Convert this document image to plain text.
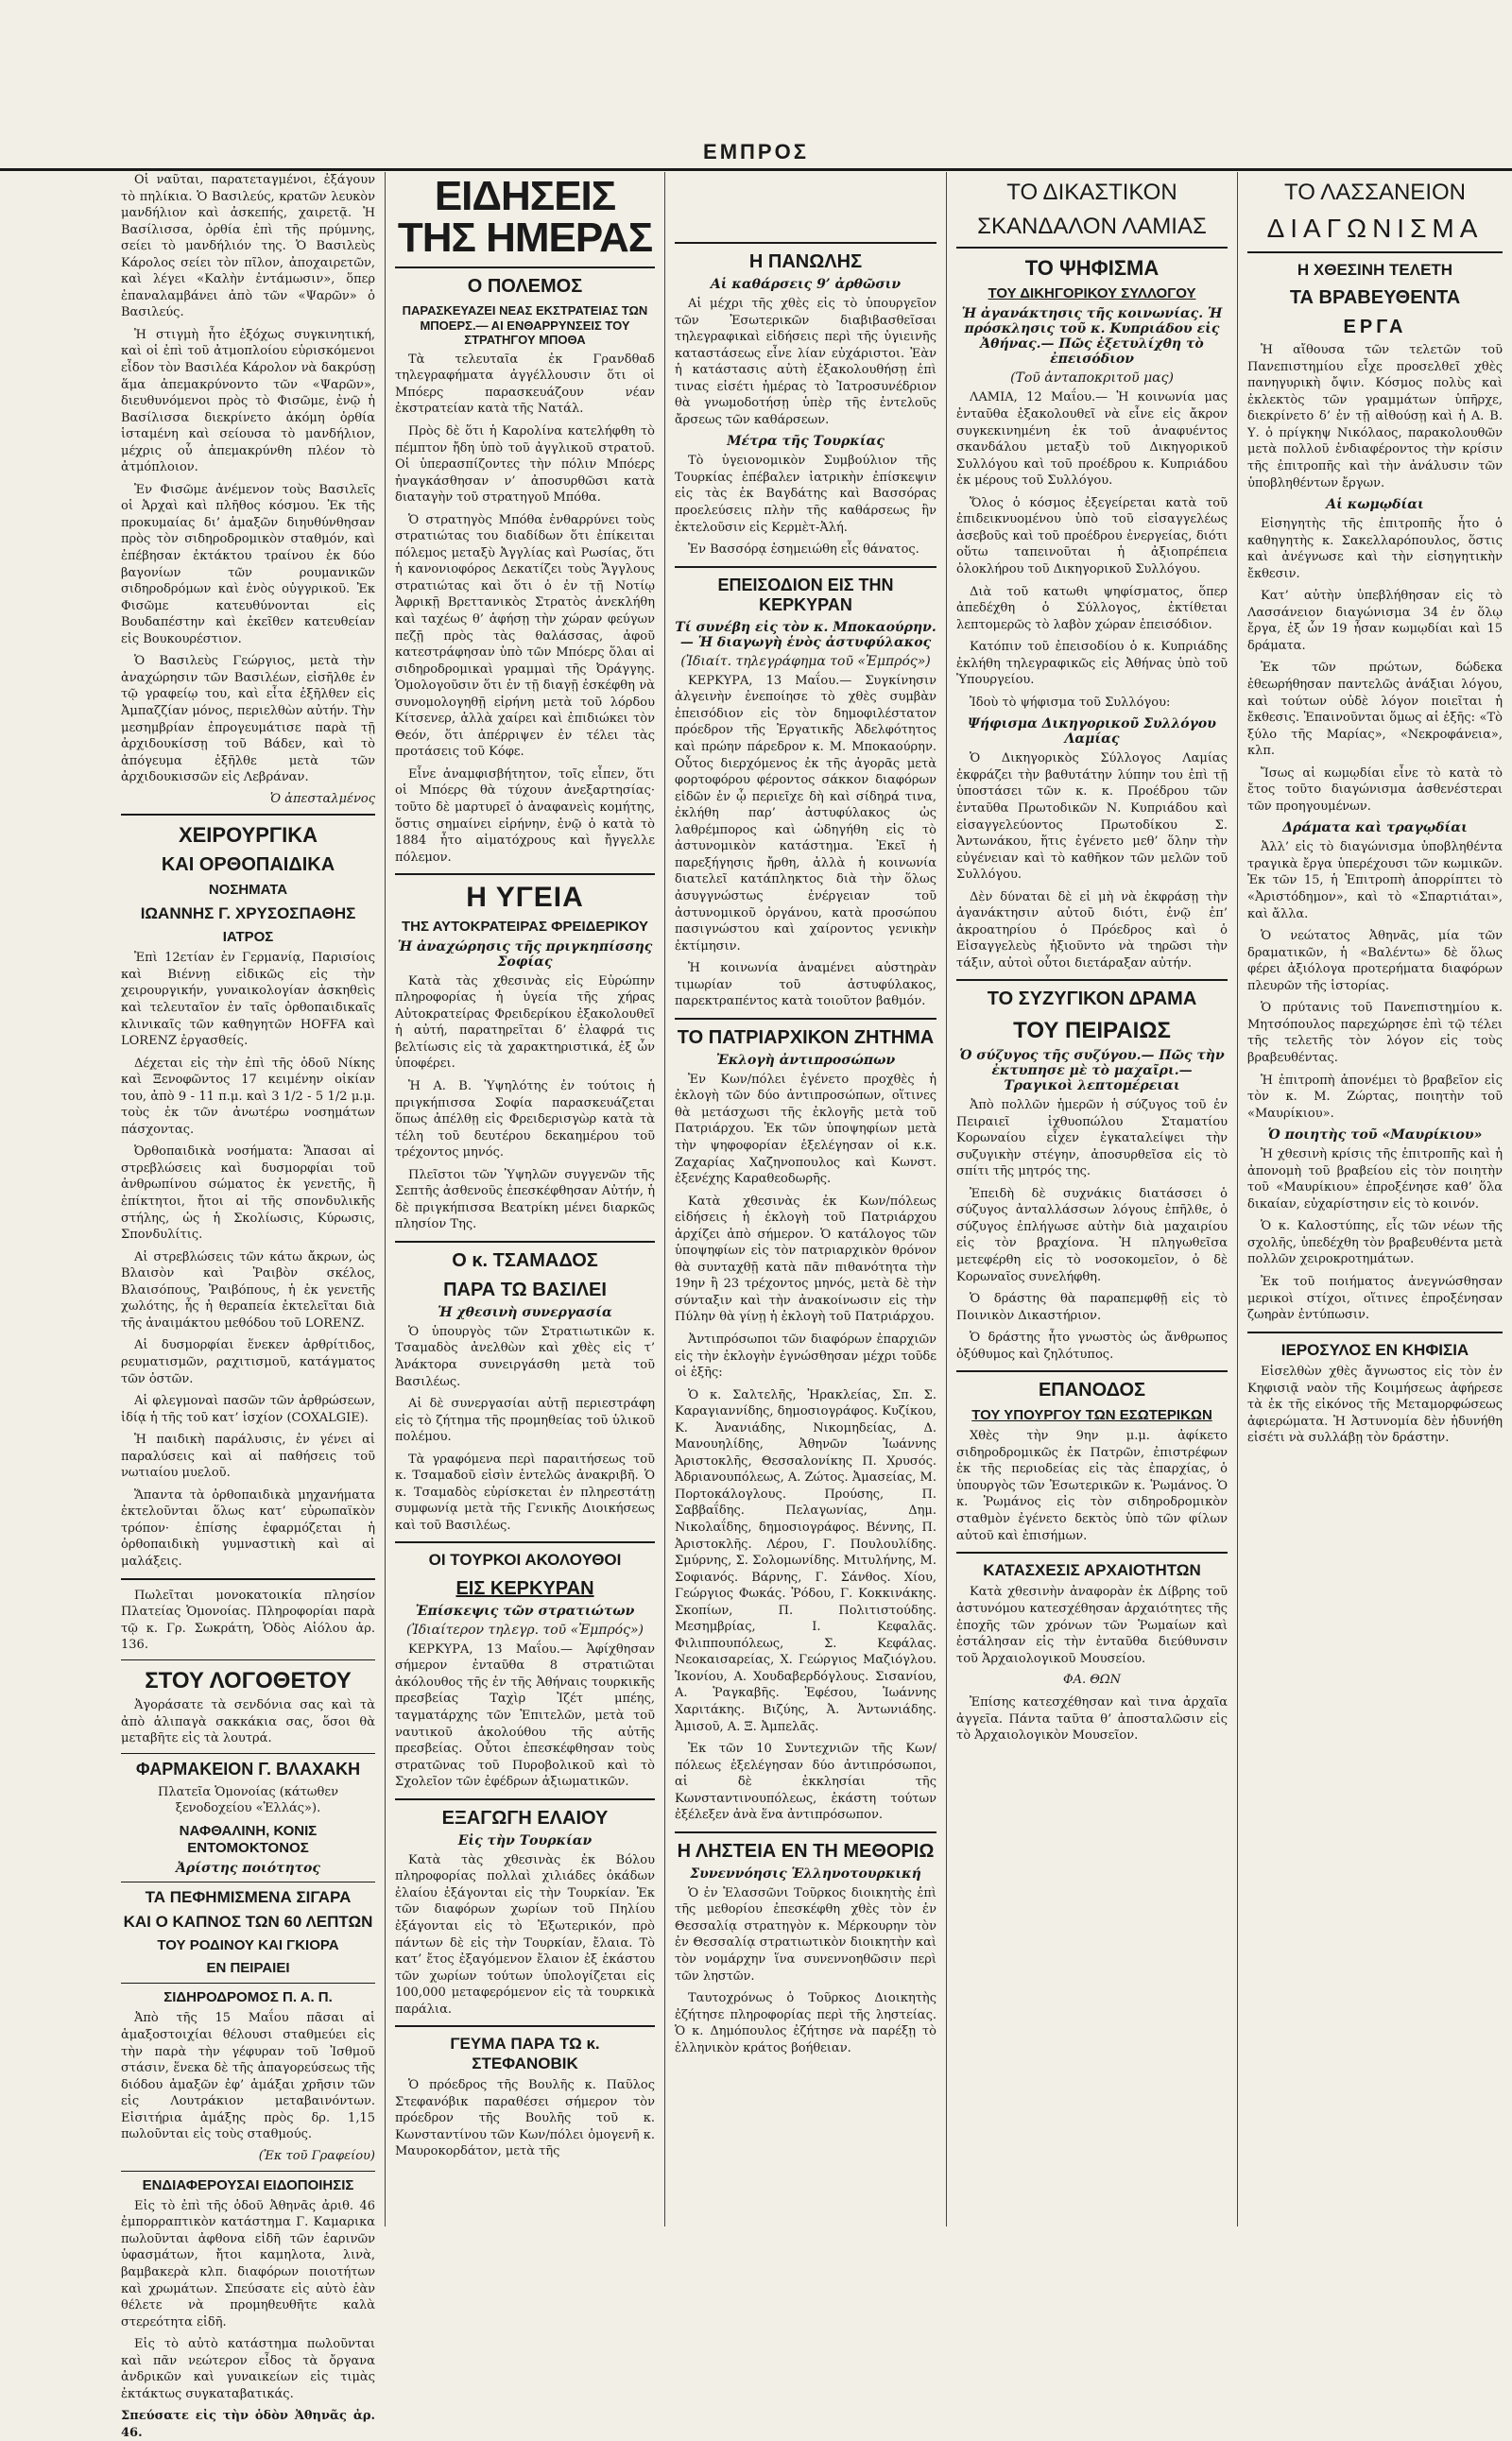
ΕΜΠΡΟΣ

Οἱ ναῦται, παρατεταγμένοι, ἐξάγουν τὸ πηλίκια. Ὁ Βασιλεύς, κρατῶν λευκὸν μανδήλιον καὶ ἀσκεπής, χαιρετᾷ. Ἡ Βασίλισσα, ὀρθία ἐπὶ τῆς πρύμνης, σείει τὸ μανδήλιόν της. Ὁ Βασιλεὺς Κάρολος σείει τὸν πῖλον, ἀποχαιρετῶν, καὶ λέγει «Καλὴν ἐντάμωσιν», ὅπερ ἐπαναλαμβάνει ἀπὸ τῶν «Ψαρῶν» ὁ Βασιλεύς.

Ἡ στιγμὴ ἦτο ἐξόχως συγκινητική, καὶ οἱ ἐπὶ τοῦ ἀτμοπλοίου εὑρισκόμενοι εἶδον τὸν Βασιλέα Κάρολον νὰ δακρύσῃ ἅμα ἀπεμακρύνοντο τῶν «Ψαρῶν», διευθυνόμενοι πρὸς τὸ Φισῶμε, ἐνῷ ἡ Βασίλισσα διεκρίνετο ἀκόμη ὀρθία ἱσταμένη καὶ σείουσα τὸ μανδήλιον, μέχρις οὗ ἀπεμακρύνθη πλέον τὸ ἀτμόπλοιον.

Ἐν Φισῶμε ἀνέμενον τοὺς Βασιλεῖς οἱ Ἀρχαὶ καὶ πλῆθος κόσμου. Ἐκ τῆς προκυμαίας δι’ ἁμαξῶν διηυθύνθησαν πρὸς τὸν σιδηροδρομικὸν σταθμόν, καὶ ἐπέβησαν ἐκτάκτου τραίνου ἐκ δύο βαγονίων τῶν ρουμανικῶν σιδηροδρόμων καὶ ἑνὸς οὐγγρικοῦ. Ἐκ Φισῶμε κατευθύνονται εἰς Βουδαπέστην καὶ ἐκεῖθεν κατευθείαν εἰς Βουκουρέστιον.

Ὁ Βασιλεὺς Γεώργιος, μετὰ τὴν ἀναχώρησιν τῶν Βασιλέων, εἰσῆλθε ἐν τῷ γραφείῳ του, καὶ εἶτα ἐξῆλθεν εἰς Ἀμπαζζίαν μόνος, περιελθὼν αὐτήν. Τὴν μεσημβρίαν ἐπρογευμάτισε παρὰ τῇ ἀρχιδουκίσσῃ τοῦ Βάδεν, καὶ τὸ ἀπόγευμα ἐξῆλθε μετὰ τῶν ἀρχιδουκισσῶν εἰς Λεβράναν.

Ὁ ἀπεσταλμένος
ΧΕΙΡΟΥΡΓΙΚΑ
ΚΑΙ ΟΡΘΟΠΑΙΔΙΚΑ
ΝΟΣΗΜΑΤΑ
ΙΩΑΝΝΗΣ Γ. ΧΡΥΣΟΣΠΑΘΗΣ
ΙΑΤΡΟΣ

Ἐπὶ 12ετίαν ἐν Γερμανίᾳ, Παρισίοις καὶ Βιέννῃ εἰδικῶς εἰς τὴν χειρουργικήν, γυναικολογίαν ἀσκηθεὶς καὶ τελευταῖον ἐν ταῖς ὀρθοπαιδικαῖς κλινικαῖς τῶν καθηγητῶν HOFFA καὶ LORENZ ἐργασθείς.

Δέχεται εἰς τὴν ἐπὶ τῆς ὁδοῦ Νίκης καὶ Ξενοφῶντος 17 κειμένην οἰκίαν του, ἀπὸ 9 - 11 π.μ. καὶ 3 1/2 - 5 1/2 μ.μ. τοὺς ἐκ τῶν ἀνωτέρω νοσημάτων πάσχοντας.

Ὀρθοπαιδικὰ νοσήματα: Ἅπασαι αἱ στρεβλώσεις καὶ δυσμορφίαι τοῦ ἀνθρωπίνου σώματος ἐκ γενετῆς, ἢ ἐπίκτητοι, ἤτοι αἱ τῆς σπονδυλικῆς στήλης, ὡς ἡ Σκολίωσις, Κύρωσις, Σπονδυλίτις.

Αἱ στρεβλώσεις τῶν κάτω ἄκρων, ὡς Βλαισὸν καὶ Ῥαιβὸν σκέλος, Βλαισόπους, Ῥαιβόπους, ἡ ἐκ γενετῆς χωλότης, ἧς ἡ θεραπεία ἐκτελεῖται διὰ τῆς ἀναιμάκτου μεθόδου τοῦ LORENZ.

Αἱ δυσμορφίαι ἕνεκεν ἀρθρίτιδος, ρευματισμῶν, ραχιτισμοῦ, κατάγματος τῶν ὀστῶν.

Αἱ φλεγμοναὶ πασῶν τῶν ἀρθρώσεων, ἰδίᾳ ἡ τῆς τοῦ κατ’ ἰσχίον (COXALGIE).

Ἡ παιδικὴ παράλυσις, ἐν γένει αἱ παραλύσεις καὶ αἱ παθήσεις τοῦ νωτιαίου μυελοῦ.

Ἅπαντα τὰ ὀρθοπαιδικὰ μηχανήματα ἐκτελοῦνται ὅλως κατ’ εὐρωπαϊκὸν τρόπον· ἐπίσης ἐφαρμόζεται ἡ ὀρθοπαιδικὴ γυμναστικὴ καὶ αἱ μαλάξεις.

Πωλεῖται μονοκατοικία πλησίον Πλατείας Ὁμονοίας. Πληροφορίαι παρὰ τῷ κ. Γρ. Σωκράτη, Ὁδὸς Αἰόλου ἀρ. 136.

ΣΤΟΥ ΛΟΓΟΘΕΤΟΥ

Ἀγοράσατε τὰ σενδόνια σας καὶ τὰ ἀπὸ ἁλιπαγὰ σακκάκια σας, ὅσοι θὰ μεταβῆτε εἰς τὰ λουτρά.

ΦΑΡΜΑΚΕΙΟΝ Γ. ΒΛΑΧΑΚΗ

Πλατεῖα Ὁμονοίας (κάτωθεν ξενοδοχείου «Ἑλλάς»).

ΝΑΦΘΑΛΙΝΗ, ΚΟΝΙΣ ΕΝΤΟΜΟΚΤΟΝΟΣ
Ἀρίστης ποιότητος
ΤΑ ΠΕΦΗΜΙΣΜΕΝΑ ΣΙΓΑΡΑ
ΚΑΙ Ο ΚΑΠΝΟΣ ΤΩΝ 60 ΛΕΠΤΩΝ
ΤΟΥ ΡΟΔΙΝΟΥ ΚΑΙ ΓΚΙΟΡΑ
ΕΝ ΠΕΙΡΑΙΕΙ
ΣΙΔΗΡΟΔΡΟΜΟΣ Π. Α. Π.

Ἀπὸ τῆς 15 Μαΐου πᾶσαι αἱ ἁμαξοστοιχίαι θέλουσι σταθμεύει εἰς τὴν παρὰ τὴν γέφυραν τοῦ Ἰσθμοῦ στάσιν, ἕνεκα δὲ τῆς ἀπαγορεύσεως τῆς διόδου ἁμαξῶν ἐφ’ ἁμάξαι χρῆσιν τῶν εἰς Λουτράκιον μεταβαινόντων. Εἰσιτήρια ἁμάξης πρὸς δρ. 1,15 πωλοῦνται εἰς τοὺς σταθμούς.

(Ἐκ τοῦ Γραφείου)
ΕΝΔΙΑΦΕΡΟΥΣΑΙ ΕΙΔΟΠΟΙΗΣΙΣ

Εἰς τὸ ἐπὶ τῆς ὁδοῦ Ἀθηνᾶς ἀριθ. 46 ἐμπορραπτικὸν κατάστημα Γ. Καμαρικα πωλοῦνται ἀφθονα εἰδῆ τῶν ἐαρινῶν ὑφασμάτων, ἤτοι καμηλοτα, λινὰ, βαμβακερὰ κλπ. διαφόρων ποιοτήτων καὶ χρωμάτων. Σπεύσατε εἰς αὐτὸ ἐὰν θέλετε νὰ προμηθευθῆτε καλὰ στερεότητα εἰδῆ.

Εἰς τὸ αὐτὸ κατάστημα πωλοῦνται καὶ πᾶν νεώτερον εἶδος τὰ ὄργανα ἀνδρικῶν καὶ γυναικείων εἰς τιμὰς ἐκτάκτως συγκαταβατικάς.

Σπεύσατε εἰς τὴν ὁδὸν Ἀθηνᾶς ἀρ. 46.

ΕΙΔΗΣΕΙΣ ΤΗΣ ΗΜΕΡΑΣ
Ο ΠΟΛΕΜΟΣ
ΠΑΡΑΣΚΕΥΑΖΕΙ ΝΕΑΣ ΕΚΣΤΡΑΤΕΙΑΣ ΤΩΝ ΜΠΟΕΡΣ.— ΑΙ ΕΝΘΑΡΡΥΝΣΕΙΣ ΤΟΥ ΣΤΡΑΤΗΓΟΥ ΜΠΟΘΑ

Τὰ τελευταῖα ἐκ Γρανδθαδ τηλεγραφήματα ἀγγέλλουσιν ὅτι οἱ Μπόερς παρασκευάζουν νέαν ἐκστρατείαν κατὰ τῆς Νατάλ.

Πρὸς δὲ ὅτι ἡ Καρολίνα κατελήφθη τὸ πέμπτον ἤδη ὑπὸ τοῦ ἀγγλικοῦ στρατοῦ. Οἱ ὑπερασπίζοντες τὴν πόλιν Μπόερς ἠναγκάσθησαν ν’ ἀποσυρθῶσι κατὰ διαταγὴν τοῦ στρατηγοῦ Μπόθα.

Ὁ στρατηγὸς Μπόθα ἐνθαρρύνει τοὺς στρατιώτας του διαδίδων ὅτι ἐπίκειται πόλεμος μεταξὺ Ἀγγλίας καὶ Ρωσίας, ὅτι ἡ κανονιοφόρος Δεκατίζει τοὺς Ἄγγλους στρατιώτας καὶ ὅτι ὁ ἐν τῇ Νοτίῳ Ἀφρικῇ Βρεττανικὸς Στρατὸς ἀνεκλήθη καὶ ταχέως θ’ ἀφήσῃ τὴν χώραν φεύγων πεζῇ πρὸς τὰς θαλάσσας, ἀφοῦ κατεστράφησαν ὑπὸ τῶν Μπόερς ὅλαι αἱ σιδηροδρομικαὶ γραμμαὶ τῆς Ὀράγγης. Ὁμολογοῦσιν ὅτι ἐν τῇ διαγῇ ἐσκέφθη νὰ συνομολογηθῇ εἰρήνη μετὰ τοῦ λόρδου Κίτσενερ, ἀλλὰ χαίρει καὶ ἐπιδιώκει τὸν Θεόν, ὅτι ἀπέρριψεν ἐν τέλει τὰς προτάσεις τοῦ Κόφε.

Εἶνε ἀναμφισβήτητον, τοῖς εἶπεν, ὅτι οἱ Μπόερς θὰ τύχουν ἀνεξαρτησίας· τοῦτο δὲ μαρτυρεῖ ὁ ἀναφανεὶς κομήτης, ὅστις σημαίνει εἰρήνην, ἐνῷ ὁ κατὰ τὸ 1884 ἦτο αἱματόχρους καὶ ἤγγελλε πόλεμον.

Η ΥΓΕΙΑ
ΤΗΣ ΑΥΤΟΚΡΑΤΕΙΡΑΣ ΦΡΕΙΔΕΡΙΚΟΥ
Ἡ ἀναχώρησις τῆς πριγκηπίσσης Σοφίας

Κατὰ τὰς χθεσινὰς εἰς Εὐρώπην πληροφορίας ἡ ὑγεία τῆς χήρας Αὐτοκρατείρας Φρειδερίκου ἐξακολουθεῖ ἡ αὐτή, παρατηρεῖται δ’ ἐλαφρά τις βελτίωσις εἰς τὰ χαρακτηριστικά, ἐξ ὧν ὑποφέρει.

Ἡ Α. Β. Ὑψηλότης ἐν τούτοις ἡ πριγκήπισσα Σοφία παρασκευάζεται ὅπως ἀπέλθῃ εἰς Φρειδερισγὼρ κατὰ τὰ τέλη τοῦ δευτέρου δεκαημέρου τοῦ τρέχοντος μηνός.

Πλεῖστοι τῶν Ὑψηλῶν συγγενῶν τῆς Σεπτῆς ἀσθενοῦς ἐπεσκέφθησαν Αὐτήν, ἡ δὲ πριγκήπισσα Βεατρίκη μένει διαρκῶς πλησίον Της.

Ο κ. ΤΣΑΜΑΔΟΣ
ΠΑΡΑ ΤΩ ΒΑΣΙΛΕΙ
Ἡ χθεσινὴ συνεργασία

Ὁ ὑπουργὸς τῶν Στρατιωτικῶν κ. Τσαμαδὸς ἀνελθὼν καὶ χθὲς εἰς τ’ Ἀνάκτορα συνειργάσθη μετὰ τοῦ Βασιλέως.

Αἱ δὲ συνεργασίαι αὐτῇ περιεστράφη εἰς τὸ ζήτημα τῆς προμηθείας τοῦ ὑλικοῦ πολέμου.

Τὰ γραφόμενα περὶ παραιτήσεως τοῦ κ. Τσαμαδοῦ εἰσὶν ἐντελῶς ἀνακριβῆ. Ὁ κ. Τσαμαδὸς εὑρίσκεται ἐν πληρεστάτῃ συμφωνίᾳ μετὰ τῆς Γενικῆς Διοικήσεως καὶ τοῦ Βασιλέως.

ΟΙ ΤΟΥΡΚΟΙ ΑΚΟΛΟΥΘΟΙ
ΕΙΣ ΚΕΡΚΥΡΑΝ
Ἐπίσκεψις τῶν στρατιώτων
(Ἰδιαίτερον τηλεγρ. τοῦ «Ἐμπρός»)

ΚΕΡΚΥΡΑ, 13 Μαΐου.— Ἀφίχθησαν σήμερον ἐνταῦθα 8 στρατιῶται ἀκόλουθος τῆς ἐν τῆς Ἀθήναις τουρκικῆς πρεσβείας Ταχὶρ Ἰζέτ μπέης, ταγματάρχης τῶν Ἐπιτελῶν, μετὰ τοῦ ναυτικοῦ ἀκολούθου τῆς αὐτῆς πρεσβείας. Οὗτοι ἐπεσκέφθησαν τοὺς στρατῶνας τοῦ Πυροβολικοῦ καὶ τὸ Σχολεῖον τῶν ἐφέδρων ἀξιωματικῶν.

ΕΞΑΓΩΓΗ ΕΛΑΙΟΥ
Εἰς τὴν Τουρκίαν

Κατὰ τὰς χθεσινὰς ἐκ Βόλου πληροφορίας πολλαὶ χιλιάδες ὀκάδων ἐλαίου ἐξάγονται εἰς τὴν Τουρκίαν. Ἐκ τῶν διαφόρων χωρίων τοῦ Πηλίου ἐξάγονται εἰς τὸ Ἐξωτερικόν, πρὸ πάντων δὲ εἰς τὴν Τουρκίαν, ἔλαια. Τὸ κατ’ ἔτος ἐξαγόμενον ἔλαιον ἐξ ἑκάστου τῶν χωρίων τούτων ὑπολογίζεται εἰς 100,000 μεταφερόμενον εἰς τὰ τουρκικὰ παράλια.

ΓΕΥΜΑ ΠΑΡΑ ΤΩ κ. ΣΤΕΦΑΝΟΒΙΚ

Ὁ πρόεδρος τῆς Βουλῆς κ. Παῦλος Στεφανόβικ παραθέσει σήμερον τὸν πρόεδρον τῆς Βουλῆς τοῦ κ. Κωνσταντίνου τῶν Κων/πόλει ὁμογενῆ κ. Μαυροκορδάτον, μετὰ τῆς

Η ΠΑΝΩΛΗΣ
Αἱ καθάρσεις 9’ ἀρθῶσιν

Αἱ μέχρι τῆς χθὲς εἰς τὸ ὑπουργεῖον τῶν Ἐσωτερικῶν διαβιβασθεῖσαι τηλεγραφικαὶ εἰδήσεις περὶ τῆς ὑγιεινῆς καταστάσεως εἶνε λίαν εὐχάριστοι. Ἐὰν ἡ κατάστασις αὐτὴ ἐξακολουθήσῃ ἐπὶ τινας εἰσέτι ἡμέρας τὸ Ἰατροσυνέδριον θὰ γνωμοδοτήσῃ ὑπὲρ τῆς ἐντελοῦς ἄρσεως τῶν καθάρσεων.

Μέτρα τῆς Τουρκίας

Τὸ ὑγειονομικὸν Συμβούλιον τῆς Τουρκίας ἐπέβαλεν ἰατρικὴν ἐπίσκεψιν εἰς τὰς ἐκ Βαγδάτης καὶ Βασσόρας προελεύσεις πλὴν τῆς καθάρσεως ἣν ἐκτελοῦσιν εἰς Κερμὲτ-Ἀλή.

Ἐν Βασσόρᾳ ἐσημειώθη εἷς θάνατος.

ΕΠΕΙΣΟΔΙΟΝ ΕΙΣ ΤΗΝ ΚΕΡΚΥΡΑΝ
Τί συνέβη εἰς τὸν κ. Μποκαούρην.— Ἡ διαγωγὴ ἑνὸς ἀστυφύλακος
(Ἰδιαίτ. τηλεγράφημα τοῦ «Ἐμπρός»)

ΚΕΡΚΥΡΑ, 13 Μαΐου.— Συγκίνησιν ἀλγεινὴν ἐνεποίησε τὸ χθὲς συμβὰν ἐπεισόδιον εἰς τὸν δημοφιλέστατον πρόεδρον τῆς Ἐργατικῆς Ἀδελφότητος καὶ πρώην πάρεδρον κ. Μ. Μποκαούρην. Οὗτος διερχόμενος ἐκ τῆς ἀγορᾶς μετὰ φορτοφόρου φέροντος σάκκον διαφόρων εἰδῶν ἐν ᾧ περιεῖχε δὴ καὶ σίδηρά τινα, ἐκλήθη παρ’ ἀστυφύλακος ὡς λαθρέμπορος καὶ ὡδηγήθη εἰς τὸ ἀστυνομικὸν κατάστημα. Ἐκεῖ ἡ παρεξήγησις ἤρθη, ἀλλὰ ἡ κοινωνία διατελεῖ κατάπληκτος διὰ τὴν ὅλως ἀσυγγνώστως ἐνέργειαν τοῦ ἀστυνομικοῦ ὀργάνου, κατὰ προσώπου πασιγνώστου καὶ χαίροντος γενικὴν ἐκτίμησιν.

Ἡ κοινωνία ἀναμένει αὐστηρὰν τιμωρίαν τοῦ ἀστυφύλακος, παρεκτραπέντος κατὰ τοιοῦτον βαθμόν.

ΤΟ ΠΑΤΡΙΑΡΧΙΚΟΝ ΖΗΤΗΜΑ
Ἐκλογὴ ἀντιπροσώπων

Ἐν Κων/πόλει ἐγένετο προχθὲς ἡ ἐκλογὴ τῶν δύο ἀντιπροσώπων, οἵτινες θὰ μετάσχωσι τῆς ἐκλογῆς μετὰ τοῦ Πατριάρχου. Ἐκ τῶν ὑποψηφίων μετὰ τὴν ψηφοφορίαν ἐξελέγησαν οἱ κ.κ. Ζαχαρίας Χαζηνοπουλος καὶ Κωνστ. ἐξενέχης Καραθεοδωρῆς.

Κατὰ χθεσινὰς ἐκ Κων/πόλεως εἰδήσεις ἡ ἐκλογὴ τοῦ Πατριάρχου ἀρχίζει ἀπὸ σήμερον. Ὁ κατάλογος τῶν ὑποψηφίων εἰς τὸν πατριαρχικὸν θρόνον θὰ συνταχθῇ κατὰ πᾶν πιθανότητα τὴν 19ην ἢ 23 τρέχοντος μηνός, μετὰ δὲ τὴν σύνταξιν καὶ τὴν ἀνακοίνωσιν εἰς τὴν Πύλην θὰ γίνῃ ἡ ἐκλογὴ τοῦ Πατριάρχου.

Ἀντιπρόσωποι τῶν διαφόρων ἐπαρχιῶν εἰς τὴν ἐκλογὴν ἐγνώσθησαν μέχρι τοῦδε οἱ ἑξῆς:

Ὁ κ. Σαλτελῆς, Ἡρακλείας, Σπ. Σ. Καραγιαννίδης, δημοσιογράφος. Κυζίκου, Κ. Ἀνανιάδης, Νικομηδείας, Δ. Μανουηλίδης, Ἀθηνῶν Ἰωάννης Ἀριστοκλῆς, Θεσσαλονίκης Π. Χρυσός. Ἀδριανουπόλεως, Α. Ζώτος. Ἀμασείας, Μ. Πορτοκάλογλους. Προύσης, Π. Σαββαΐδης. Πελαγωνίας, Δημ. Νικολαΐδης, δημοσιογράφος. Βέννης, Π. Ἀριστοκλῆς. Λέρου, Γ. Πουλουλίδης. Σμύρνης, Σ. Σολομωνίδης. Μιτυλήνης, Μ. Σοφιανός. Βάρνης, Γ. Σάνθος. Χίου, Γεώργιος Φωκάς. Ῥόδου, Γ. Κοκκινάκης. Σκοπίων, Π. Πολιτιστούδης. Μεσημβρίας, Ι. Κεφαλᾶς. Φιλιππουπόλεως, Σ. Κεφάλας. Νεοκαισαρείας, Χ. Γεώργιος Μαζιόγλου. Ἰκονίου, Α. Χουδαβερδόγλους. Σισανίου, Α. Ῥαγκαβῆς. Ἐφέσου, Ἰωάννης Χαριτάκης. Βιζύης, Ἀ. Ἀντωνιάδης. Ἀμισοῦ, Α. Ξ. Ἀμπελᾶς.

Ἐκ τῶν 10 Συντεχνιῶν τῆς Κων/πόλεως ἐξελέγησαν δύο ἀντιπρόσωποι, αἱ δὲ ἐκκλησίαι τῆς Κωνσταντινουπόλεως, ἑκάστη τούτων ἐξέλεξεν ἀνὰ ἕνα ἀντιπρόσωπον.

Η ΛΗΣΤΕΙΑ ΕΝ ΤΗ ΜΕΘΟΡΙΩ
Συνεννόησις Ἑλληνοτουρκική

Ὁ ἐν Ἐλασσῶνι Τοῦρκος διοικητὴς ἐπὶ τῆς μεθορίου ἐπεσκέφθη χθὲς τὸν ἐν Θεσσαλίᾳ στρατηγὸν κ. Μέρκουρην τὸν ἐν Θεσσαλίᾳ στρατιωτικὸν διοικητὴν καὶ τὸν νομάρχην ἵνα συνεννοηθῶσιν περὶ τῶν ληστῶν.

Ταυτοχρόνως ὁ Τοῦρκος Διοικητὴς ἐζήτησε πληροφορίας περὶ τῆς ληστείας. Ὁ κ. Δημόπουλος ἐζήτησε νὰ παρέξῃ τὸ ἑλληνικὸν κράτος βοήθειαν.

ΤΟ ΔΙΚΑΣΤΙΚΟΝ
ΣΚΑΝΔΑΛΟΝ ΛΑΜΙΑΣ
ΤΟ ΨΗΦΙΣΜΑ
ΤΟΥ ΔΙΚΗΓΟΡΙΚΟΥ ΣΥΛΛΟΓΟΥ
Ἡ ἀγανάκτησις τῆς κοινωνίας. Ἡ πρόσκλησις τοῦ κ. Κυπριάδου εἰς Ἀθήνας.— Πῶς ἐξετυλίχθη τὸ ἐπεισόδιον
(Τοῦ ἀνταποκριτοῦ μας)

ΛΑΜΙΑ, 12 Μαΐου.— Ἡ κοινωνία μας ἐνταῦθα ἐξακολουθεῖ νὰ εἶνε εἰς ἄκρον συγκεκινημένη ἐκ τοῦ ἀναφυέντος σκανδάλου μεταξὺ τοῦ Δικηγορικοῦ Συλλόγου καὶ τοῦ προέδρου κ. Κυπριάδου ἐκ μέρους τοῦ Συλλόγου.

Ὅλος ὁ κόσμος ἐξεγείρεται κατὰ τοῦ ἐπιδεικνυομένου ὑπὸ τοῦ εἰσαγγελέως ἀσεβοῦς καὶ τοῦ προέδρου ἐνεργείας, διότι οὕτω ταπεινοῦται ἡ ἀξιοπρέπεια ὁλοκλήρου τοῦ Δικηγορικοῦ Συλλόγου.

Διὰ τοῦ κατωθι ψηφίσματος, ὅπερ ἀπεδέχθη ὁ Σύλλογος, ἐκτίθεται λεπτομερῶς τὸ λαβὸν χώραν ἐπεισόδιον.

Κατόπιν τοῦ ἐπεισοδίου ὁ κ. Κυπριάδης ἐκλήθη τηλεγραφικῶς εἰς Ἀθήνας ὑπὸ τοῦ Ὑπουργείου.

Ἰδοὺ τὸ ψήφισμα τοῦ Συλλόγου:

Ψήφισμα Δικηγορικοῦ Συλλόγου Λαμίας

Ὁ Δικηγορικὸς Σύλλογος Λαμίας ἐκφράζει τὴν βαθυτάτην λύπην του ἐπὶ τῇ ὑποστάσει τῶν κ. κ. Προέδρου τῶν ἐνταῦθα Πρωτοδικῶν Ν. Κυπριάδου καὶ εἰσαγγελεύοντος Πρωτοδίκου Σ. Ἀντωνάκου, ἥτις ἐγένετο μεθ’ ὅλην τὴν εὐγένειαν καὶ τὸ καθῆκον τῶν μελῶν τοῦ Συλλόγου.

Δὲν δύναται δὲ εἰ μὴ νὰ ἐκφράσῃ τὴν ἀγανάκτησιν αὐτοῦ διότι, ἐνῷ ἐπ’ ἀκροατηρίου ὁ Πρόεδρος καὶ ὁ Εἰσαγγελεὺς ἠξιοῦντο νὰ τηρῶσι τὴν τάξιν, αὐτοὶ οὗτοι διετάραξαν αὐτήν.

ΤΟ ΣΥΖΥΓΙΚΟΝ ΔΡΑΜΑ
ΤΟΥ ΠΕΙΡΑΙΩΣ
Ὁ σύζυγος τῆς συζύγου.— Πῶς τὴν ἐκτυπησε μὲ τὸ μαχαῖρι.— Τραγικοὶ λεπτομέρειαι

Ἀπὸ πολλῶν ἡμερῶν ἡ σύζυγος τοῦ ἐν Πειραιεῖ ἰχθυοπώλου Σταματίου Κορωναίου εἶχεν ἐγκαταλείψει τὴν συζυγικὴν στέγην, ἀποσυρθεῖσα εἰς τὸ σπίτι τῆς μητρός της.

Ἐπειδὴ δὲ συχνάκις διατάσσει ὁ σύζυγος ἀνταλλάσσων λόγους ἐπῆλθε, ὁ σύζυγος ἐπλήγωσε αὐτὴν διὰ μαχαιρίου εἰς τὸν βραχίονα. Ἡ πληγωθεῖσα μετεφέρθη εἰς τὸ νοσοκομεῖον, ὁ δὲ Κορωναῖος συνελήφθη.

Ὁ δράστης θὰ παραπεμφθῇ εἰς τὸ Ποινικὸν Δικαστήριον.

Ὁ δράστης ἦτο γνωστὸς ὡς ἄνθρωπος ὀξύθυμος καὶ ζηλότυπος.

ΕΠΑΝΟΔΟΣ
ΤΟΥ ΥΠΟΥΡΓΟΥ ΤΩΝ ΕΣΩΤΕΡΙΚΩΝ

Χθὲς τὴν 9ην μ.μ. ἀφίκετο σιδηροδρομικῶς ἐκ Πατρῶν, ἐπιστρέφων ἐκ τῆς περιοδείας εἰς τὰς ἐπαρχίας, ὁ ὑπουργὸς τῶν Ἐσωτερικῶν κ. Ῥωμάνος. Ὁ κ. Ῥωμάνος εἰς τὸν σιδηροδρομικὸν σταθμὸν ἐγένετο δεκτὸς ὑπὸ τῶν φίλων αὐτοῦ καὶ ἐπισήμων.

ΚΑΤΑΣΧΕΣΙΣ ΑΡΧΑΙΟΤΗΤΩΝ

Κατὰ χθεσινὴν ἀναφορὰν ἐκ Δίβρης τοῦ ἀστυνόμου κατεσχέθησαν ἀρχαιότητες τῆς ἐποχῆς τῶν χρόνων τῶν Ῥωμαίων καὶ ἐστάλησαν εἰς τὴν ἐνταῦθα διεύθυνσιν τοῦ Ἀρχαιολογικοῦ Μουσείου.

ΦΑ. ΘΩΝ

Ἐπίσης κατεσχέθησαν καὶ τινα ἀρχαῖα ἀγγεῖα. Πάντα ταῦτα θ’ ἀποσταλῶσιν εἰς τὸ Ἀρχαιολογικὸν Μουσεῖον.

ΤΟ ΛΑΣΣΑΝΕΙΟΝ
ΔΙΑΓΩΝΙΣΜΑ
Η ΧΘΕΣΙΝΗ ΤΕΛΕΤΗ
ΤΑ ΒΡΑΒΕΥΘΕΝΤΑ
ΕΡΓΑ

Ἡ αἴθουσα τῶν τελετῶν τοῦ Πανεπιστημίου εἶχε προσελθεῖ χθὲς πανηγυρικὴ ὄψιν. Κόσμος πολὺς καὶ ἐκλεκτὸς τῶν γραμμάτων ὑπῆρχε, διεκρίνετο δ’ ἐν τῇ αἰθούσῃ καὶ ἡ Α. Β. Υ. ὁ πρίγκηψ Νικόλαος, παρακολουθῶν μετὰ πολλοῦ ἐνδιαφέροντος τὴν κρίσιν τῆς ἐπιτροπῆς καὶ τὴν ἀνάλυσιν τῶν ὑποβληθέντων ἔργων.

Αἱ κωμῳδίαι

Εἰσηγητὴς τῆς ἐπιτροπῆς ἦτο ὁ καθηγητὴς κ. Σακελλαρόπουλος, ὅστις καὶ ἀνέγνωσε καὶ τὴν εἰσηγητικὴν ἔκθεσιν.

Κατ’ αὐτὴν ὑπεβλήθησαν εἰς τὸ Λασσάνειον διαγώνισμα 34 ἐν ὅλῳ ἔργα, ἐξ ὧν 19 ἦσαν κωμῳδίαι καὶ 15 δράματα.

Ἐκ τῶν πρώτων, δώδεκα ἐθεωρήθησαν παντελῶς ἀνάξιαι λόγου, καὶ τούτων οὐδὲ λόγον ποιεῖται ἡ ἔκθεσις. Ἐπαινοῦνται ὅμως αἱ ἑξῆς: «Τὸ ξύλο τῆς Μαρίας», «Νεκροφάνεια», κλπ.

Ἴσως αἱ κωμῳδίαι εἶνε τὸ κατὰ τὸ ἔτος τοῦτο διαγώνισμα ἀσθενέστεραι τῶν προηγουμένων.

Δράματα καὶ τραγῳδίαι

Ἀλλ’ εἰς τὸ διαγώνισμα ὑποβληθέντα τραγικὰ ἔργα ὑπερέχουσι τῶν κωμικῶν. Ἐκ τῶν 15, ἡ Ἐπιτροπὴ ἀπορρίπτει τὸ «Ἀριστόδημον», καὶ τὸ «Σπαρτιάται», καὶ ἄλλα.

Ὁ νεώτατος Ἀθηνᾶς, μία τῶν δραματικῶν, ἡ «Βαλέντω» δὲ ὅλως φέρει ἀξιόλογα προτερήματα διαφόρων πλευρῶν τῆς ἱστορίας.

Ὁ πρύτανις τοῦ Πανεπιστημίου κ. Μητσόπουλος παρεχώρησε ἐπὶ τῷ τέλει τῆς τελετῆς τὸν λόγον εἰς τοὺς βραβευθέντας.

Ἡ ἐπιτροπὴ ἀπονέμει τὸ βραβεῖον εἰς τὸν κ. Μ. Ζώρτας, ποιητὴν τοῦ «Μαυρίκιου».

Ὁ ποιητὴς τοῦ «Μαυρίκιου»

Ἡ χθεσινὴ κρίσις τῆς ἐπιτροπῆς καὶ ἡ ἀπονομὴ τοῦ βραβείου εἰς τὸν ποιητὴν τοῦ «Μαυρίκιου» ἐπροξένησε καθ’ ὅλα δικαίαν, εὐχαρίστησιν εἰς τὸ κοινόν.

Ὁ κ. Καλοστύπης, εἷς τῶν νέων τῆς σχολῆς, ὑπεδέχθη τὸν βραβευθέντα μετὰ πολλῶν χειροκροτημάτων.

Ἐκ τοῦ ποιήματος ἀνεγνώσθησαν μερικοὶ στίχοι, οἵτινες ἐπροξένησαν ζωηρὰν ἐντύπωσιν.

ΙΕΡΟΣΥΛΟΣ ΕΝ ΚΗΦΙΣΙΑ

Εἰσελθὼν χθὲς ἄγνωστος εἰς τὸν ἐν Κηφισιᾷ ναὸν τῆς Κοιμήσεως ἀφήρεσε τὰ ἐκ τῆς εἰκόνος τῆς Μεταμορφώσεως ἀφιερώματα. Ἡ Ἀστυνομία δὲν ἠδυνήθη εἰσέτι νὰ συλλάβῃ τὸν δράστην.
